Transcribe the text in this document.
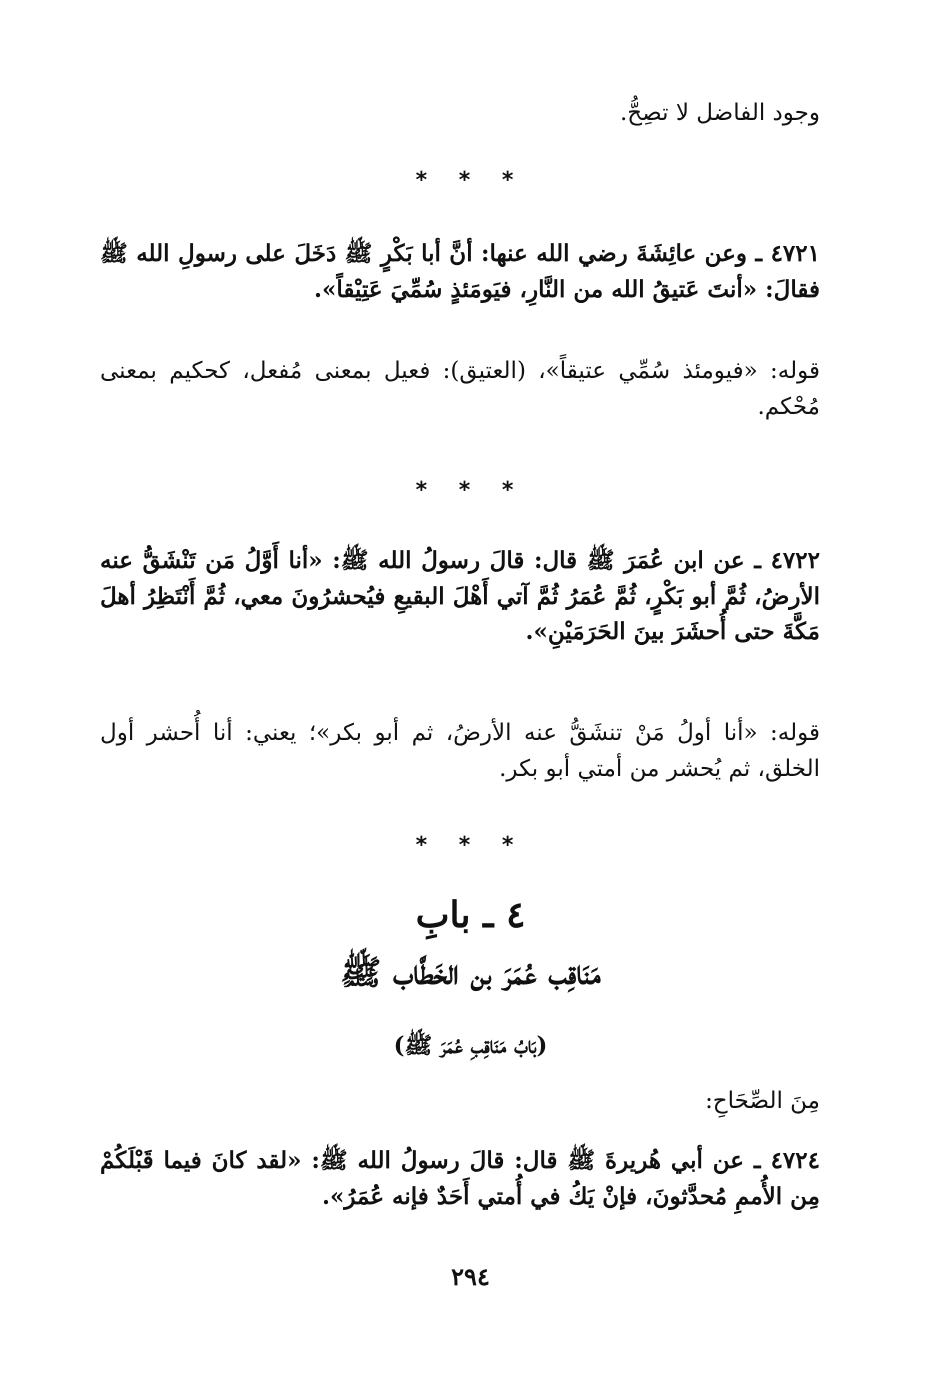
وجود الفاضل لا تصِحُّ.
* * *
٤٧٢١ ـ وعن عائِشَةَ رضي الله عنها: أنَّ أبا بَكْرٍ ﷺ دَخَلَ على رسولِ الله ﷺ فقالَ: «أنتَ عَتيقُ الله من النَّارِ، فيَومَئذٍ سُمِّيَ عَتِيْقاً».
قوله: «فيومئذ سُمِّي عتيقاً»، (العتيق): فعيل بمعنى مُفعل، كحكيم بمعنى مُحْكم.
* * *
٤٧٢٢ ـ عن ابن عُمَرَ ﷺ قال: قالَ رسولُ الله ﷺ: «أنا أَوَّلُ مَن تَنْشَقُّ عنه الأرضُ، ثُمَّ أبو بَكْرٍ، ثُمَّ عُمَرُ ثُمَّ آتي أَهْلَ البقيعِ فيُحشرُونَ معي، ثُمَّ أَنْتَظِرُ أهلَ مَكَّةَ حتى أُحشَرَ بينَ الحَرَمَيْنِ».
قوله: «أنا أولُ مَنْ تنشَقُّ عنه الأرضُ، ثم أبو بكر»؛ يعني: أنا أُحشر أول الخلق، ثم يُحشر من أمتي أبو بكر.
* * *
٤ ـ بابِ
مَنَاقِب عُمَرَ بن الخَطَّاب ﷺ
(بَابُ مَنَاقِبِ عُمَرَ ﷺ)
مِنَ الصِّحَاحِ:
٤٧٢٤ ـ عن أبي هُريرةَ ﷺ قال: قالَ رسولُ الله ﷺ: «لقد كانَ فيما قَبْلَكُمْ مِن الأُممِ مُحدَّثونَ، فإنْ يَكُ في أُمتي أَحَدٌ فإنه عُمَرُ».
٢٩٤
